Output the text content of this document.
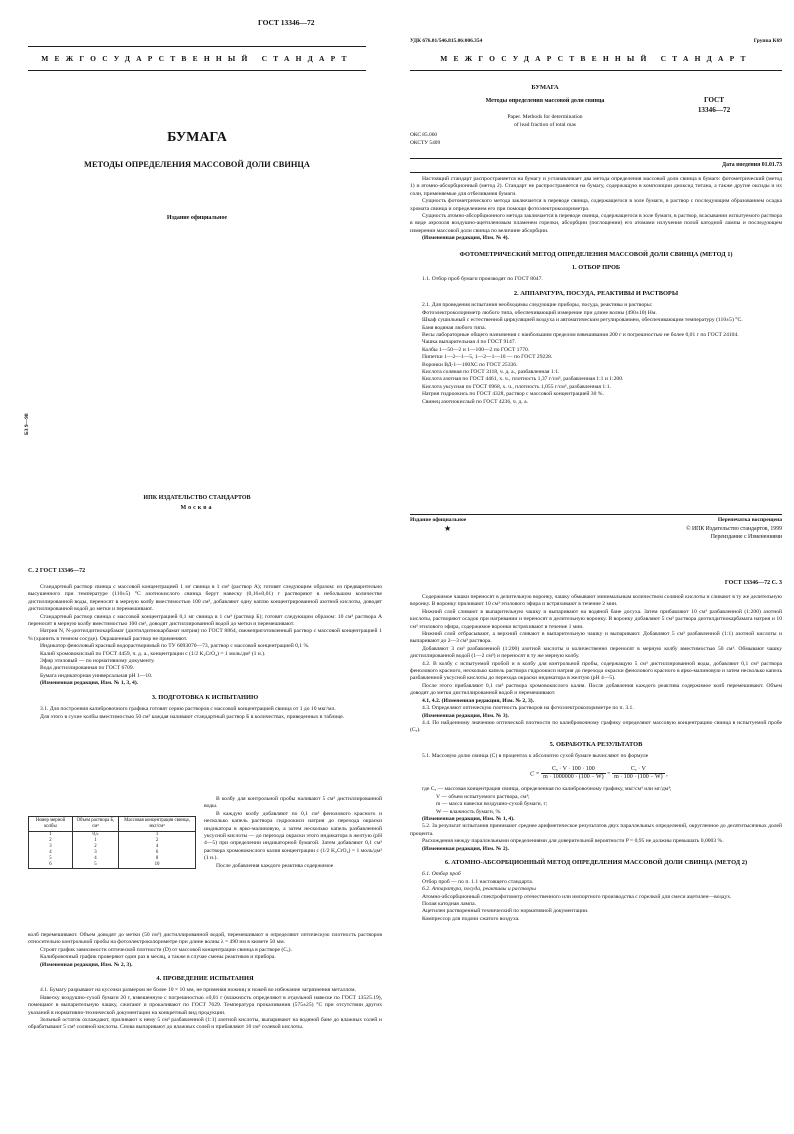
ГОСТ 13346—72
МЕЖГОСУДАРСТВЕННЫЙ СТАНДАРТ
БУМАГА
МЕТОДЫ ОПРЕДЕЛЕНИЯ МАССОВОЙ ДОЛИ СВИНЦА
Издание официальное
БЗ 9—98
ИПК ИЗДАТЕЛЬСТВО СТАНДАРТОВ
Москва
УДК 676.01/546.815.06:006.354	Группа К69
МЕЖГОСУДАРСТВЕННЫЙ СТАНДАРТ
БУМАГА
Методы определения массовой доли свинца
Paper. Methods for determination
of lead fraction of total mas
ГОСТ
13346—72
ОКС 85.060
ОКСТУ 5409
Дата введения 01.01.73

Настоящий стандарт распространяется на бумагу и устанавливает два метода определения массовой доли свинца в бумаге: фотометрический (метод 1) и атомно-абсорбционный (метод 2). Стандарт не распространяется на бумагу, содержащую в композиции диоксид титана, а также другие оксиды и их соли, применяемые для отбеливания бумаги.

Сущность фотометрического метода заключается в переводе свинца, содержащегося в золе бумаги, в раствор с последующим образованием осадка хромата свинца и определением его при помощи фотоэлектроколориметра.

Сущность атомно-абсорбционного метода заключается в переводе свинца, содержащегося в золе бумаги, в раствор, всасывании испытуемого раствора в виде аэрозоля воздушно-ацетиленовым пламенем горелки, абсорбции (поглощении) его атомами излучения полой катодной лампы и последующем измерении массовой доли свинца по величине абсорбции.

(Измененная редакция, Изм. № 4).

ФОТОМЕТРИЧЕСКИЙ МЕТОД ОПРЕДЕЛЕНИЯ МАССОВОЙ ДОЛИ СВИНЦА (МЕТОД 1)
1. ОТБОР ПРОБ

1.1. Отбор проб бумаги производят по ГОСТ 8047.

2. АППАРАТУРА, ПОСУДА, РЕАКТИВЫ И РАСТВОРЫ

2.1. Для проведения испытания необходимы следующие приборы, посуда, реактивы и растворы:

Фотоэлектроколориметр любого типа, обеспечивающий измерение при длине волны (490±10) Нм.

Шкаф сушильный с естественной циркуляцией воздуха и автоматическим регулированием, обеспечивающим температуру (110±5) °С.

Баня водяная любого типа.

Весы лабораторные общего назначения с наибольшим пределом взвешивания 200 г и погрешностью не более 0,01 г по ГОСТ 24104.

Чашка выпарительная 4 по ГОСТ 9147.

Колбы 1—50—2 и 1—100—2 по ГОСТ 1770.

Пипетки 1—2—1—5, 1—2—1—10 — по ГОСТ 29228.

Воронки ВД-1—100ХС по ГОСТ 25336.

Кислота соляная по ГОСТ 3118, ч. д. а., разбавленная 1:1.

Кислота азотная по ГОСТ 4461, х. ч., плотность 1,37 г/см³, разбавленная 1:1 и 1:200.

Кислота уксусная по ГОСТ 6968, х. ч., плотность 1,055 г/см³, разбавленная 1:1.

Натрия гидроокись по ГОСТ 4328, раствор с массовой концентрацией 30 %.

Свинец азотнокислый по ГОСТ 4236, ч. д. а.

Издание официальное	Перепечатка воспрещена
★	© ИПК Издательство стандартов, 1999
Переиздание с Изменениями
С. 2 ГОСТ 13346—72

Стандартный раствор свинца с массовой концентрацией 1 мг свинца в 1 см³ (раствор А); готовят следующим образом: из предварительно высушенного при температуре (110±5) °С азотнокислого свинца берут навеску (0,16±0,01) г растворяют в небольшом количестве дистиллированной воды, переносят в мерную колбу вместимостью 100 см³, добавляют одну каплю концентрированной азотной кислоты, доводят дистиллированной водой до метки и перемешивают.

Стандартный раствор свинца с массовой концентрацией 0,1 мг свинца в 1 см³ (раствор Б); готовят следующим образом: 10 см³ раствора А переносят в мерную колбу вместимостью 100 см³, доводят дистиллированной водой до метки и перемешивают.

Натрия N, N-диэтилдитиокарбамат (диэтилдитиокарбамат натрия) по ГОСТ 8864, свежеприготовленный раствор с массовой концентрацией 1 % (хранить в темном сосуде). Окрашенный раствор не применяют.

Индикатор феноловый красный водорастворимый по ТУ 6093070—73, раствор с массовой концентрацией 0,1 %.

Калий хромовокислый по ГОСТ 4459, ч. д. а., концентрации с (1/2 K₂CrO₄) = 1 моль/дм³ (1 н.).

Эфир этиловый — по нормативному документу.

Вода дистиллированная по ГОСТ 6709.

Бумага индикаторная универсальная рН 1—10.

(Измененная редакция, Изм. № 1, 3, 4).

3. ПОДГОТОВКА К ИСПЫТАНИЮ

3.1. Для построения калибровочного графика готовят серию растворов с массовой концентрацией свинца от 1 до 10 мкг/мл.

Для этого в сухие колбы вместимостью 50 см³ каждая наливают стандартный раствор Б в количествах, приведенных в таблице.

Номер мерной колбы	Объем раствора Б, см³	Массовая концентрация свинца, мкг/см³
1	0,5	1
2	1	2
3	2	4
4	3	6
5	4	8
6	5	10

В колбу для контрольной пробы наливают 5 см³ дистиллированной воды.

В каждую колбу добавляют по 0,1 см³ фенолового красного и несколько капель раствора гидроокиси натрия до перехода окраски индикатора в ярко-малиновую, а затем несколько капель разбавленной уксусной кислоты — до перехода окраски этого индикатора в желтую (рН 4—5) при определении индикаторной бумагой. Затем добавляют 0,1 см³ раствора хромовокислого калия концентрации с (1/2 K₂CrO₄) = 1 моль/дм³ (1 н.).

После добавления каждого реактива содержимое

колб перемешивают. Объем доводят до метки (50 см³) дистиллированной водой, перемешивают и определяют оптическую плотность растворов относительно контрольной пробы на фотоэлектроколориметре при длине волны λ = 490 нм в кювете 50 мм.

Строят график зависимости оптической плотности (D) от массовой концентрации свинца в растворе (Cₓ).

Калибровочный график проверяют один раз в месяц, а также в случае смены реактивов и прибора.

(Измененная редакция, Изм. № 2, 3).

4. ПРОВЕДЕНИЕ ИСПЫТАНИЯ

4.1. Бумагу разрывают на кусочки размером не более 10 × 10 мм, не применяя ножниц и ножей во избежание загрязнения металлом.

Навеску воздушно-сухой бумаги 20 г, взвешенную с погрешностью ±0,01 г (влажность определяют в отдельной навеске по ГОСТ 13525.19), помещают в выпарительную чашку, сжигают и прокаливают по ГОСТ 7629. Температура прокаливания (575±25) °С при отсутствии других указаний в нормативно-технической документации на конкретный вид продукции.

Зольный остаток охлаждают, приливают к нему 5 см³ разбавленной (1:1) азотной кислоты, выпаривают на водяной бане до влажных солей и обрабатывают 5 см³ соляной кислоты. Снова выпаривают до влажных солей и прибавляют 10 см³ солевой кислоты.

ГОСТ 13346—72 С. 3

Содержимое чашки переносят в делительную воронку, чашку обмывают минимальным количеством соляной кислоты и сливают в ту же делительную воронку. В воронку приливают 10 см³ этилового эфира и встряхивают в течение 2 мин.

Нижний слой сливают в выпарительную чашку и выпаривают на водяной бане досуха. Затем прибавляют 10 см³ разбавленной (1:200) азотной кислоты, растворяют осадок при нагревании и переносят в делительную воронку. В воронку добавляют 5 см³ раствора диэтилдитиокарбамата натрия и 10 см³ этилового эфира, содержимое воронки встряхивают в течение 1 мин.

Нижний слой отбрасывают, а верхний сливают в выпарительную чашку и выпаривают. Добавляют 5 см³ разбавленной (1:1) азотной кислоты и выпаривают до 2—3 см³ раствора.

Добавляют 3 см³ разбавленной (1:200) азотной кислоты и количественно переносят в мерную колбу вместимостью 50 см³. Обмывают чашку дистиллированной водой (1—2 см³) и переносят в ту же мерную колбу.

4.2. В колбу с испытуемой пробой и в колбу для контрольной пробы, содержащую 5 см³ дистиллированной воды, добавляют 0,1 см³ раствора фенолового красного, несколько капель раствора гидроокиси натрия до перехода окраски фенолового красного в ярко-малиновую и затем несколько капель разбавленной уксусной кислоты до перехода окраски индикатора в желтую (рН 4—5).

После этого прибавляют 0,1 см³ раствора хромовокислого калия. После добавления каждого реактива содержимое колб перемешивают. Объем доводят до метки дистиллированной водой и перемешивают.

4.1, 4.2. (Измененная редакция, Изм. № 2, 3).

4.3. Определяют оптическую плотность растворов на фотоэлектроколориметре по п. 3.1.

(Измененная редакция, Изм. № 3).

4.4. По найденному значению оптической плотности по калибровочному графику определяют массовую концентрацию свинца в испытуемой пробе (Cₓ).

5. ОБРАБОТКА РЕЗУЛЬТАТОВ

5.1. Массовую долю свинца (C) в процентах к абсолютно сухой бумаге вычисляют по формуле

$C = \frac{\text{Cₓ · V · 100 · 100}}{m \cdot 1000000 \cdot (100 - W)} = \frac{\text{Cₓ · V}}{m \cdot 100 \cdot (100 - W)}$ ,

где Cₓ — массовая концентрация свинца, определенная по калибровочному графику, мкг/см³ или мг/дм³;

V — объем испытуемого раствора, см³;

m — масса навески воздушно-сухой бумаги, г;

W — влажность бумаги, %.

(Измененная редакция, Изм. № 1, 4).

5.2. За результат испытания принимают среднее арифметическое результатов двух параллельных определений, округленное до десятитысячных долей процента.

Расхождения между параллельными определениями для доверительной вероятности P = 0,95 не должны превышать 0,0003 %.

(Измененная редакция, Изм. № 2).

6. АТОМНО-АБСОРБЦИОННЫЙ МЕТОД ОПРЕДЕЛЕНИЯ МАССОВОЙ ДОЛИ СВИНЦА (МЕТОД 2)

6.1. Отбор проб

Отбор проб — по п. 1.1 настоящего стандарта.

6.2. Аппаратура, посуда, реактивы и растворы

Атомно-абсорбционный спектрофотометр отечественного или импортного производства с горелкой для смеси ацетилен—воздух.

Полая катодная лампа.

Ацетилен растворенный технический по нормативной документации.

Компрессор для подачи сжатого воздуха.
